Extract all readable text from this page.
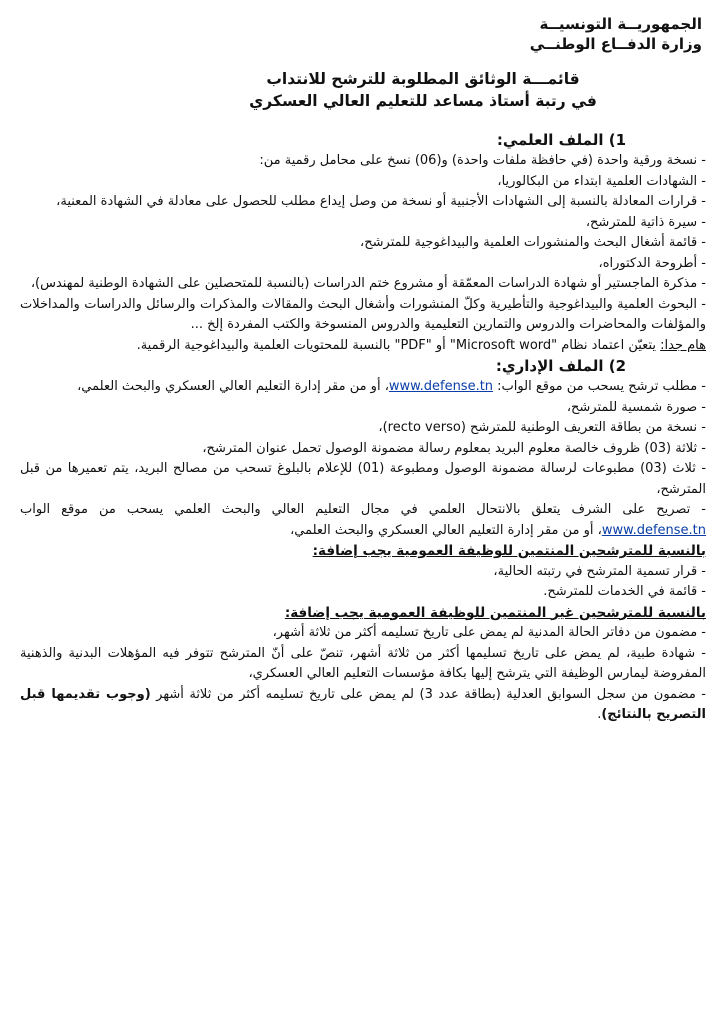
الجمهوريــة التونسيــة
وزارة الدفــاع الوطنــي
قائمـــة الوثائق المطلوبة للترشح للانتداب
في رتبة أستاذ مساعد للتعليم العالي العسكري
1) الملف العلمي:
- نسخة ورقية واحدة (في حافظة ملفات واحدة) و(06) نسخ على محامل رقمية من:
- الشهادات العلمية ابتداء من البكالوريا،
- قرارات المعادلة بالنسبة إلى الشهادات الأجنبية أو نسخة من وصل إيداع مطلب للحصول على معادلة في الشهادة المعنية،
- سيرة ذاتية للمترشح،
- قائمة أشغال البحث والمنشورات العلمية والبيداغوجية للمترشح،
- أطروحة الدكتوراه،
- مذكرة الماجستير أو شهادة الدراسات المعمّقة أو مشروع ختم الدراسات (بالنسبة للمتحصلين على الشهادة الوطنية لمهندس)،
- البحوث العلمية والبيداغوجية والتأطيرية وكلّ المنشورات وأشغال البحث والمقالات والمذكرات والرسائل والدراسات والمداخلات والمؤلفات والمحاضرات والدروس والتمارين التعليمية والدروس المنسوخة والكتب المفردة إلخ ...
هام جدا: يتعيّن اعتماد نظام "Microsoft word" أو "PDF" بالنسبة للمحتويات العلمية والبيداغوجية الرقمية.
2) الملف الإداري:
- مطلب ترشح يسحب من موقع الواب: www.defense.tn، أو من مقر إدارة التعليم العالي العسكري والبحث العلمي،
- صورة شمسية للمترشح،
- نسخة من بطاقة التعريف الوطنية للمترشح (recto verso)،
- ثلاثة (03) ظروف خالصة معلوم البريد بمعلوم رسالة مضمونة الوصول تحمل عنوان المترشح،
- ثلاث (03) مطبوعات لرسالة مضمونة الوصول ومطبوعة (01) للإعلام بالبلوغ تسحب من مصالح البريد، يتم تعميرها من قبل المترشح،
- تصريح على الشرف يتعلق بالانتحال العلمي في مجال التعليم العالي والبحث العلمي يسحب من موقع الواب www.defense.tn، أو من مقر إدارة التعليم العالي العسكري والبحث العلمي،
بالنسبة للمترشحين المنتمين للوظيفة العمومية يجب إضافة:
- قرار تسمية المترشح في رتبته الحالية،
- قائمة في الخدمات للمترشح.
بالنسبة للمترشحين غير المنتمين للوظيفة العمومية يجب إضافة:
- مضمون من دفاتر الحالة المدنية لم يمض على تاريخ تسليمه أكثر من ثلاثة أشهر،
- شهادة طبية، لم يمض على تاريخ تسليمها أكثر من ثلاثة أشهر، تنصّ على أنّ المترشح تتوفر فيه المؤهلات البدنية والذهنية المفروضة ليمارس الوظيفة التي يترشح إليها بكافة مؤسسات التعليم العالي العسكري،
- مضمون من سجل السوابق العدلية (بطاقة عدد 3) لم يمض على تاريخ تسليمه أكثر من ثلاثة أشهر (وجوب تقديمها قبل التصريح بالنتائج).
